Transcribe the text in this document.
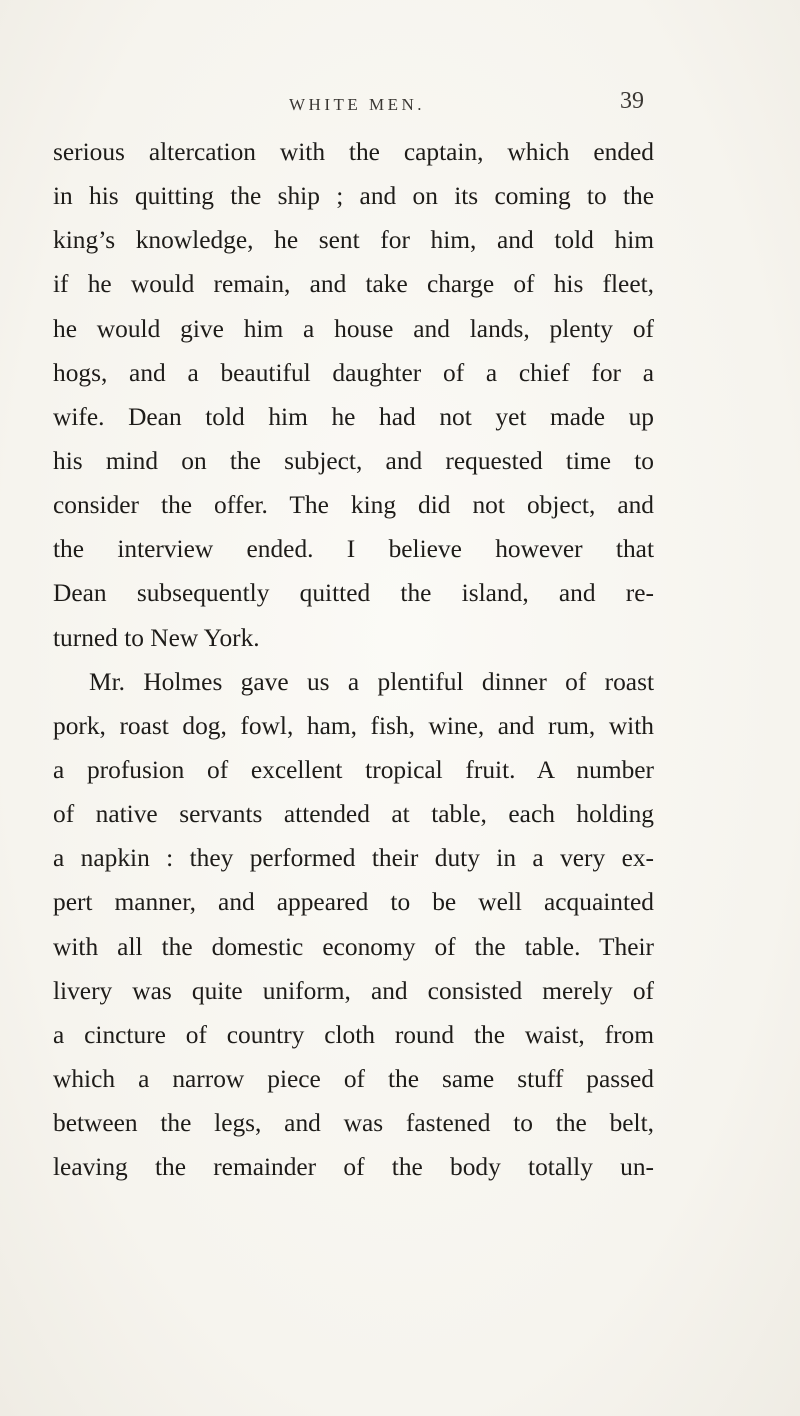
WHITE MEN.	39
serious altercation with the captain, which ended
in his quitting the ship ; and on its coming to the
king’s knowledge, he sent for him, and told him
if he would remain, and take charge of his fleet,
he would give him a house and lands, plenty of
hogs, and a beautiful daughter of a chief for a
wife. Dean told him he had not yet made up
his mind on the subject, and requested time to
consider the offer. The king did not object, and
the interview ended. I believe however that
Dean subsequently quitted the island, and re-
turned to New York.
Mr. Holmes gave us a plentiful dinner of roast
pork, roast dog, fowl, ham, fish, wine, and rum, with
a profusion of excellent tropical fruit. A number
of native servants attended at table, each holding
a napkin : they performed their duty in a very ex-
pert manner, and appeared to be well acquainted
with all the domestic economy of the table. Their
livery was quite uniform, and consisted merely of
a cincture of country cloth round the waist, from
which a narrow piece of the same stuff passed
between the legs, and was fastened to the belt,
leaving the remainder of the body totally un-
